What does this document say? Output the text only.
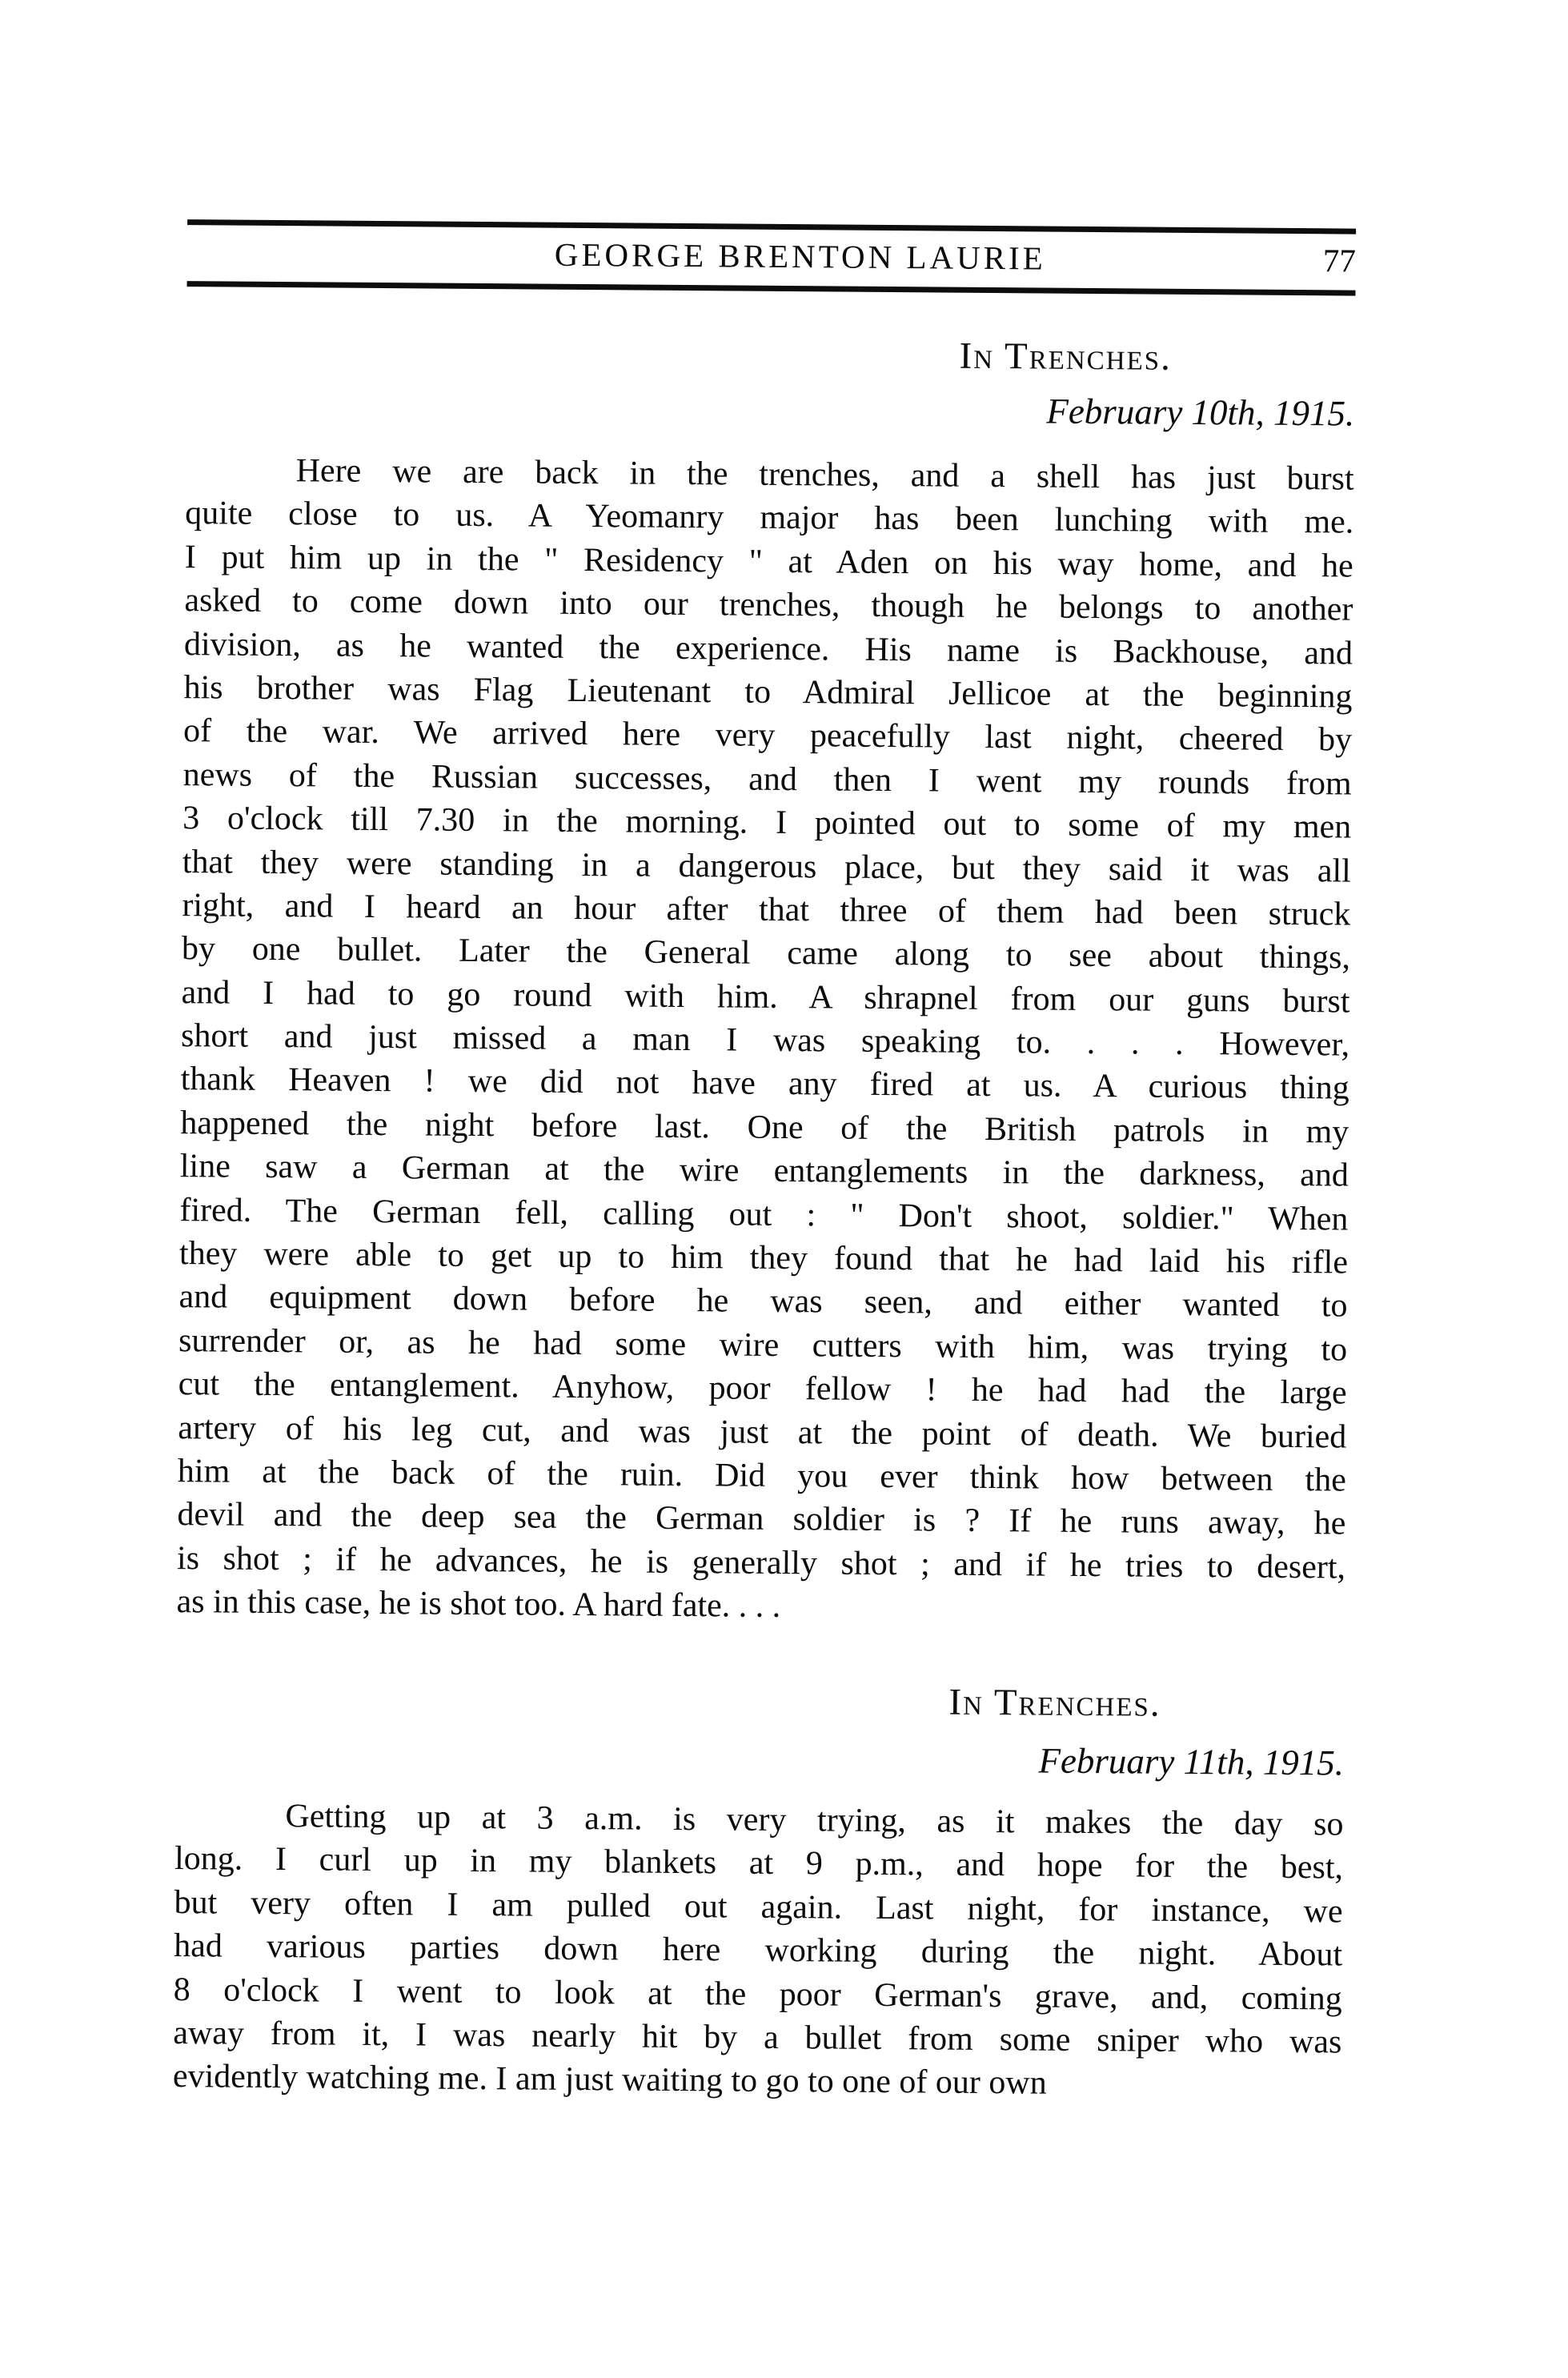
GEORGE BRENTON LAURIE	77
In Trenches.
February 10th, 1915.
Here we are back in the trenches, and a shell has just burst
quite close to us. A Yeomanry major has been lunching with me.
I put him up in the " Residency " at Aden on his way home, and he
asked to come down into our trenches, though he belongs to another
division, as he wanted the experience. His name is Backhouse, and
his brother was Flag Lieutenant to Admiral Jellicoe at the beginning
of the war. We arrived here very peacefully last night, cheered by
news of the Russian successes, and then I went my rounds from
3 o'clock till 7.30 in the morning. I pointed out to some of my men
that they were standing in a dangerous place, but they said it was all
right, and I heard an hour after that three of them had been struck
by one bullet. Later the General came along to see about things,
and I had to go round with him. A shrapnel from our guns burst
short and just missed a man I was speaking to. . . . However,
thank Heaven ! we did not have any fired at us. A curious thing
happened the night before last. One of the British patrols in my
line saw a German at the wire entanglements in the darkness, and
fired. The German fell, calling out : " Don't shoot, soldier." When
they were able to get up to him they found that he had laid his rifle
and equipment down before he was seen, and either wanted to
surrender or, as he had some wire cutters with him, was trying to
cut the entanglement. Anyhow, poor fellow ! he had had the large
artery of his leg cut, and was just at the point of death. We buried
him at the back of the ruin. Did you ever think how between the
devil and the deep sea the German soldier is ? If he runs away, he
is shot ; if he advances, he is generally shot ; and if he tries to desert,
as in this case, he is shot too. A hard fate. . . .
In Trenches.
February 11th, 1915.
Getting up at 3 a.m. is very trying, as it makes the day so
long. I curl up in my blankets at 9 p.m., and hope for the best,
but very often I am pulled out again. Last night, for instance, we
had various parties down here working during the night. About
8 o'clock I went to look at the poor German's grave, and, coming
away from it, I was nearly hit by a bullet from some sniper who was
evidently watching me. I am just waiting to go to one of our own
